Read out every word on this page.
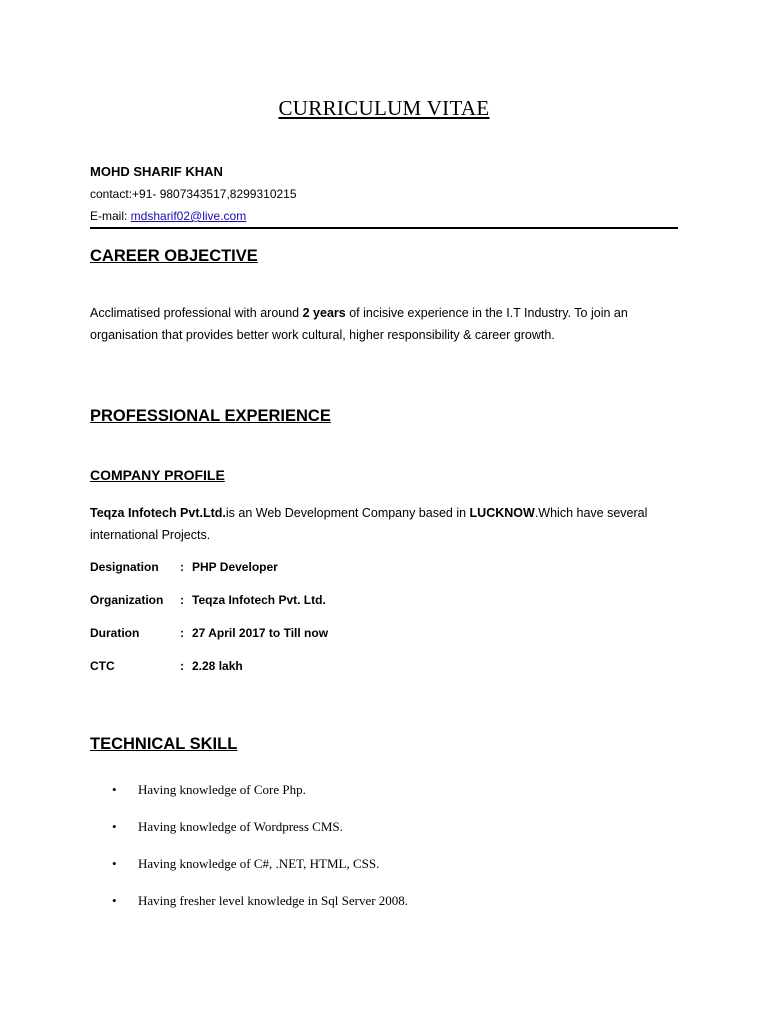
CURRICULUM VITAE
MOHD SHARIF KHAN
contact:+91- 9807343517,8299310215
E-mail: mdsharif02@live.com
CAREER OBJECTIVE
Acclimatised professional with around 2 years of incisive experience in the I.T Industry. To join an organisation that provides better work cultural, higher responsibility & career growth.
PROFESSIONAL EXPERIENCE
COMPANY PROFILE
Teqza Infotech Pvt.Ltd.is an Web Development Company based in LUCKNOW.Which have several international Projects.
Designation : PHP Developer
Organization : Teqza Infotech Pvt. Ltd.
Duration	: 27 April 2017 to Till now
CTC	: 2.28 lakh
TECHNICAL SKILL
• Having knowledge of Core Php.
• Having knowledge of Wordpress CMS.
• Having knowledge of C#, .NET, HTML, CSS.
• Having fresher level knowledge in Sql Server 2008.
